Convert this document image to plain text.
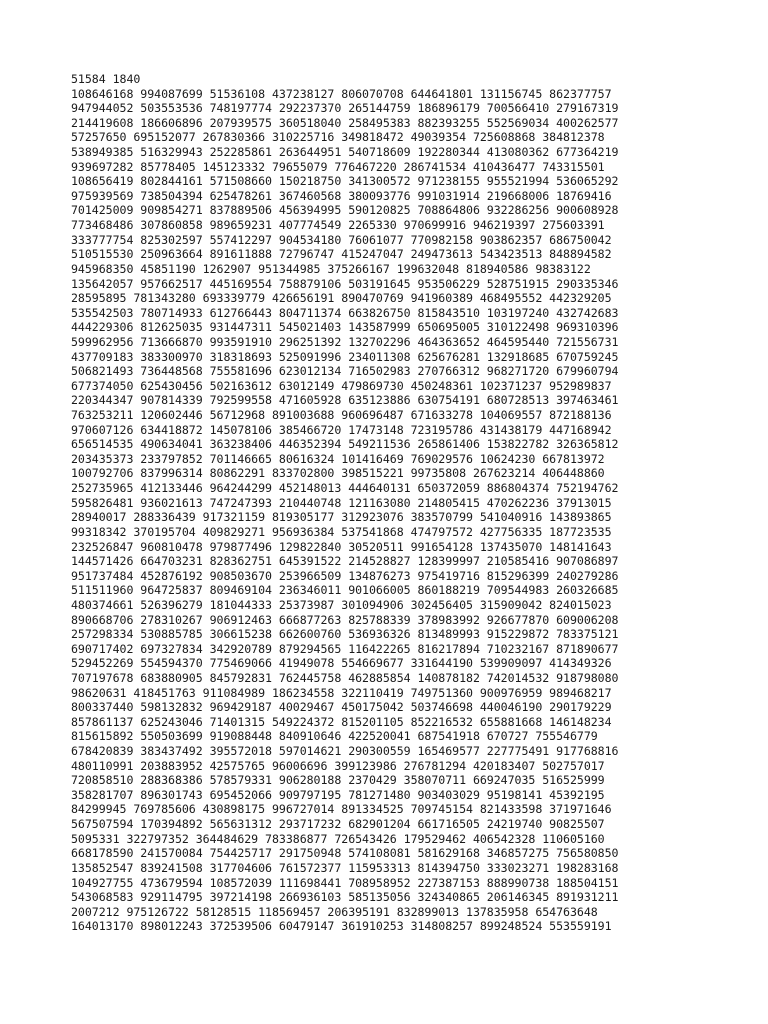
51584 1840
108646168 994087699 51536108 437238127 806070708 644641801 131156745 862377757
947944052 503553536 748197774 292237370 265144759 186896179 700566410 279167319
214419608 186606896 207939575 360518040 258495383 882393255 552569034 400262577
57257650 695152077 267830366 310225716 349818472 49039354 725608868 384812378
538949385 516329943 252285861 263644951 540718609 192280344 413080362 677364219
939697282 85778405 145123332 79655079 776467220 286741534 410436477 743315501
108656419 802844161 571508660 150218750 341300572 971238155 955521994 536065292
975939569 738504394 625478261 367460568 380093776 991031914 219668006 18769416
701425009 909854271 837889506 456394995 590120825 708864806 932286256 900608928
773468486 307860858 989659231 407774549 2265330 970699916 946219397 275603391
333777754 825302597 557412297 904534180 76061077 770982158 903862357 686750042
510515530 250963664 891611888 72796747 415247047 249473613 543423513 848894582
945968350 45851190 1262907 951344985 375266167 199632048 818940586 98383122
135642057 957662517 445169554 758879106 503191645 953506229 528751915 290335346
28595895 781343280 693339779 426656191 890470769 941960389 468495552 442329205
535542503 780714933 612766443 804711374 663826750 815843510 103197240 432742683
444229306 812625035 931447311 545021403 143587999 650695005 310122498 969310396
599962956 713666870 993591910 296251392 132702296 464363652 464595440 721556731
437709183 383300970 318318693 525091996 234011308 625676281 132918685 670759245
506821493 736448568 755581696 623012134 716502983 270766312 968271720 679960794
677374050 625430456 502163612 63012149 479869730 450248361 102371237 952989837
220344347 907814339 792599558 471605928 635123886 630754191 680728513 397463461
763253211 120602446 56712968 891003688 960696487 671633278 104069557 872188136
970607126 634418872 145078106 385466720 17473148 723195786 431438179 447168942
656514535 490634041 363238406 446352394 549211536 265861406 153822782 326365812
203435373 233797852 701146665 80616324 101416469 769029576 10624230 667813972
100792706 837996314 80862291 833702800 398515221 99735808 267623214 406448860
252735965 412133446 964244299 452148013 444640131 650372059 886804374 752194762
595826481 936021613 747247393 210440748 121163080 214805415 470262236 37913015
28940017 288336439 917321159 819305177 312923076 383570799 541040916 143893865
99318342 370195704 409829271 956936384 537541868 474797572 427756335 187723535
232526847 960810478 979877496 129822840 30520511 991654128 137435070 148141643
144571426 664703231 828362751 645391522 214528827 128399997 210585416 907086897
951737484 452876192 908503670 253966509 134876273 975419716 815296399 240279286
511511960 964725837 809469104 236346011 901066005 860188219 709544983 260326685
480374661 526396279 181044333 25373987 301094906 302456405 315909042 824015023
890668706 278310267 906912463 666877263 825788339 378983992 926677870 609006208
257298334 530885785 306615238 662600760 536936326 813489993 915229872 783375121
690717402 697327834 342920789 879294565 116422265 816217894 710232167 871890677
529452269 554594370 775469066 41949078 554669677 331644190 539909097 414349326
707197678 683880905 845792831 762445758 462885854 140878182 742014532 918798080
98620631 418451763 911084989 186234558 322110419 749751360 900976959 989468217
800337440 598132832 969429187 40029467 450175042 503746698 440046190 290179229
857861137 625243046 71401315 549224372 815201105 852216532 655881668 146148234
815615892 550503699 919088448 840910646 422520041 687541918 670727 755546779
678420839 383437492 395572018 597014621 290300559 165469577 227775491 917768816
480110991 203883952 42575765 96006696 399123986 276781294 420183407 502757017
720858510 288368386 578579331 906280188 2370429 358070711 669247035 516525999
358281707 896301743 695452066 909797195 781271480 903403029 95198141 45392195
84299945 769785606 430898175 996727014 891334525 709745154 821433598 371971646
567507594 170394892 565631312 293717232 682901204 661716505 24219740 90825507
5095331 322797352 364484629 783386877 726543426 179529462 406542328 110605160
668178590 241570084 754425717 291750948 574108081 581629168 346857275 756580850
135852547 839241508 317704606 761572377 115953313 814394750 333023271 198283168
104927755 473679594 108572039 111698441 708958952 227387153 888990738 188504151
543068583 929114795 397214198 266936103 585135056 324340865 206146345 891931211
2007212 975126722 58128515 118569457 206395191 832899013 137835958 654763648
164013170 898012243 372539506 60479147 361910253 314808257 899248524 553559191
